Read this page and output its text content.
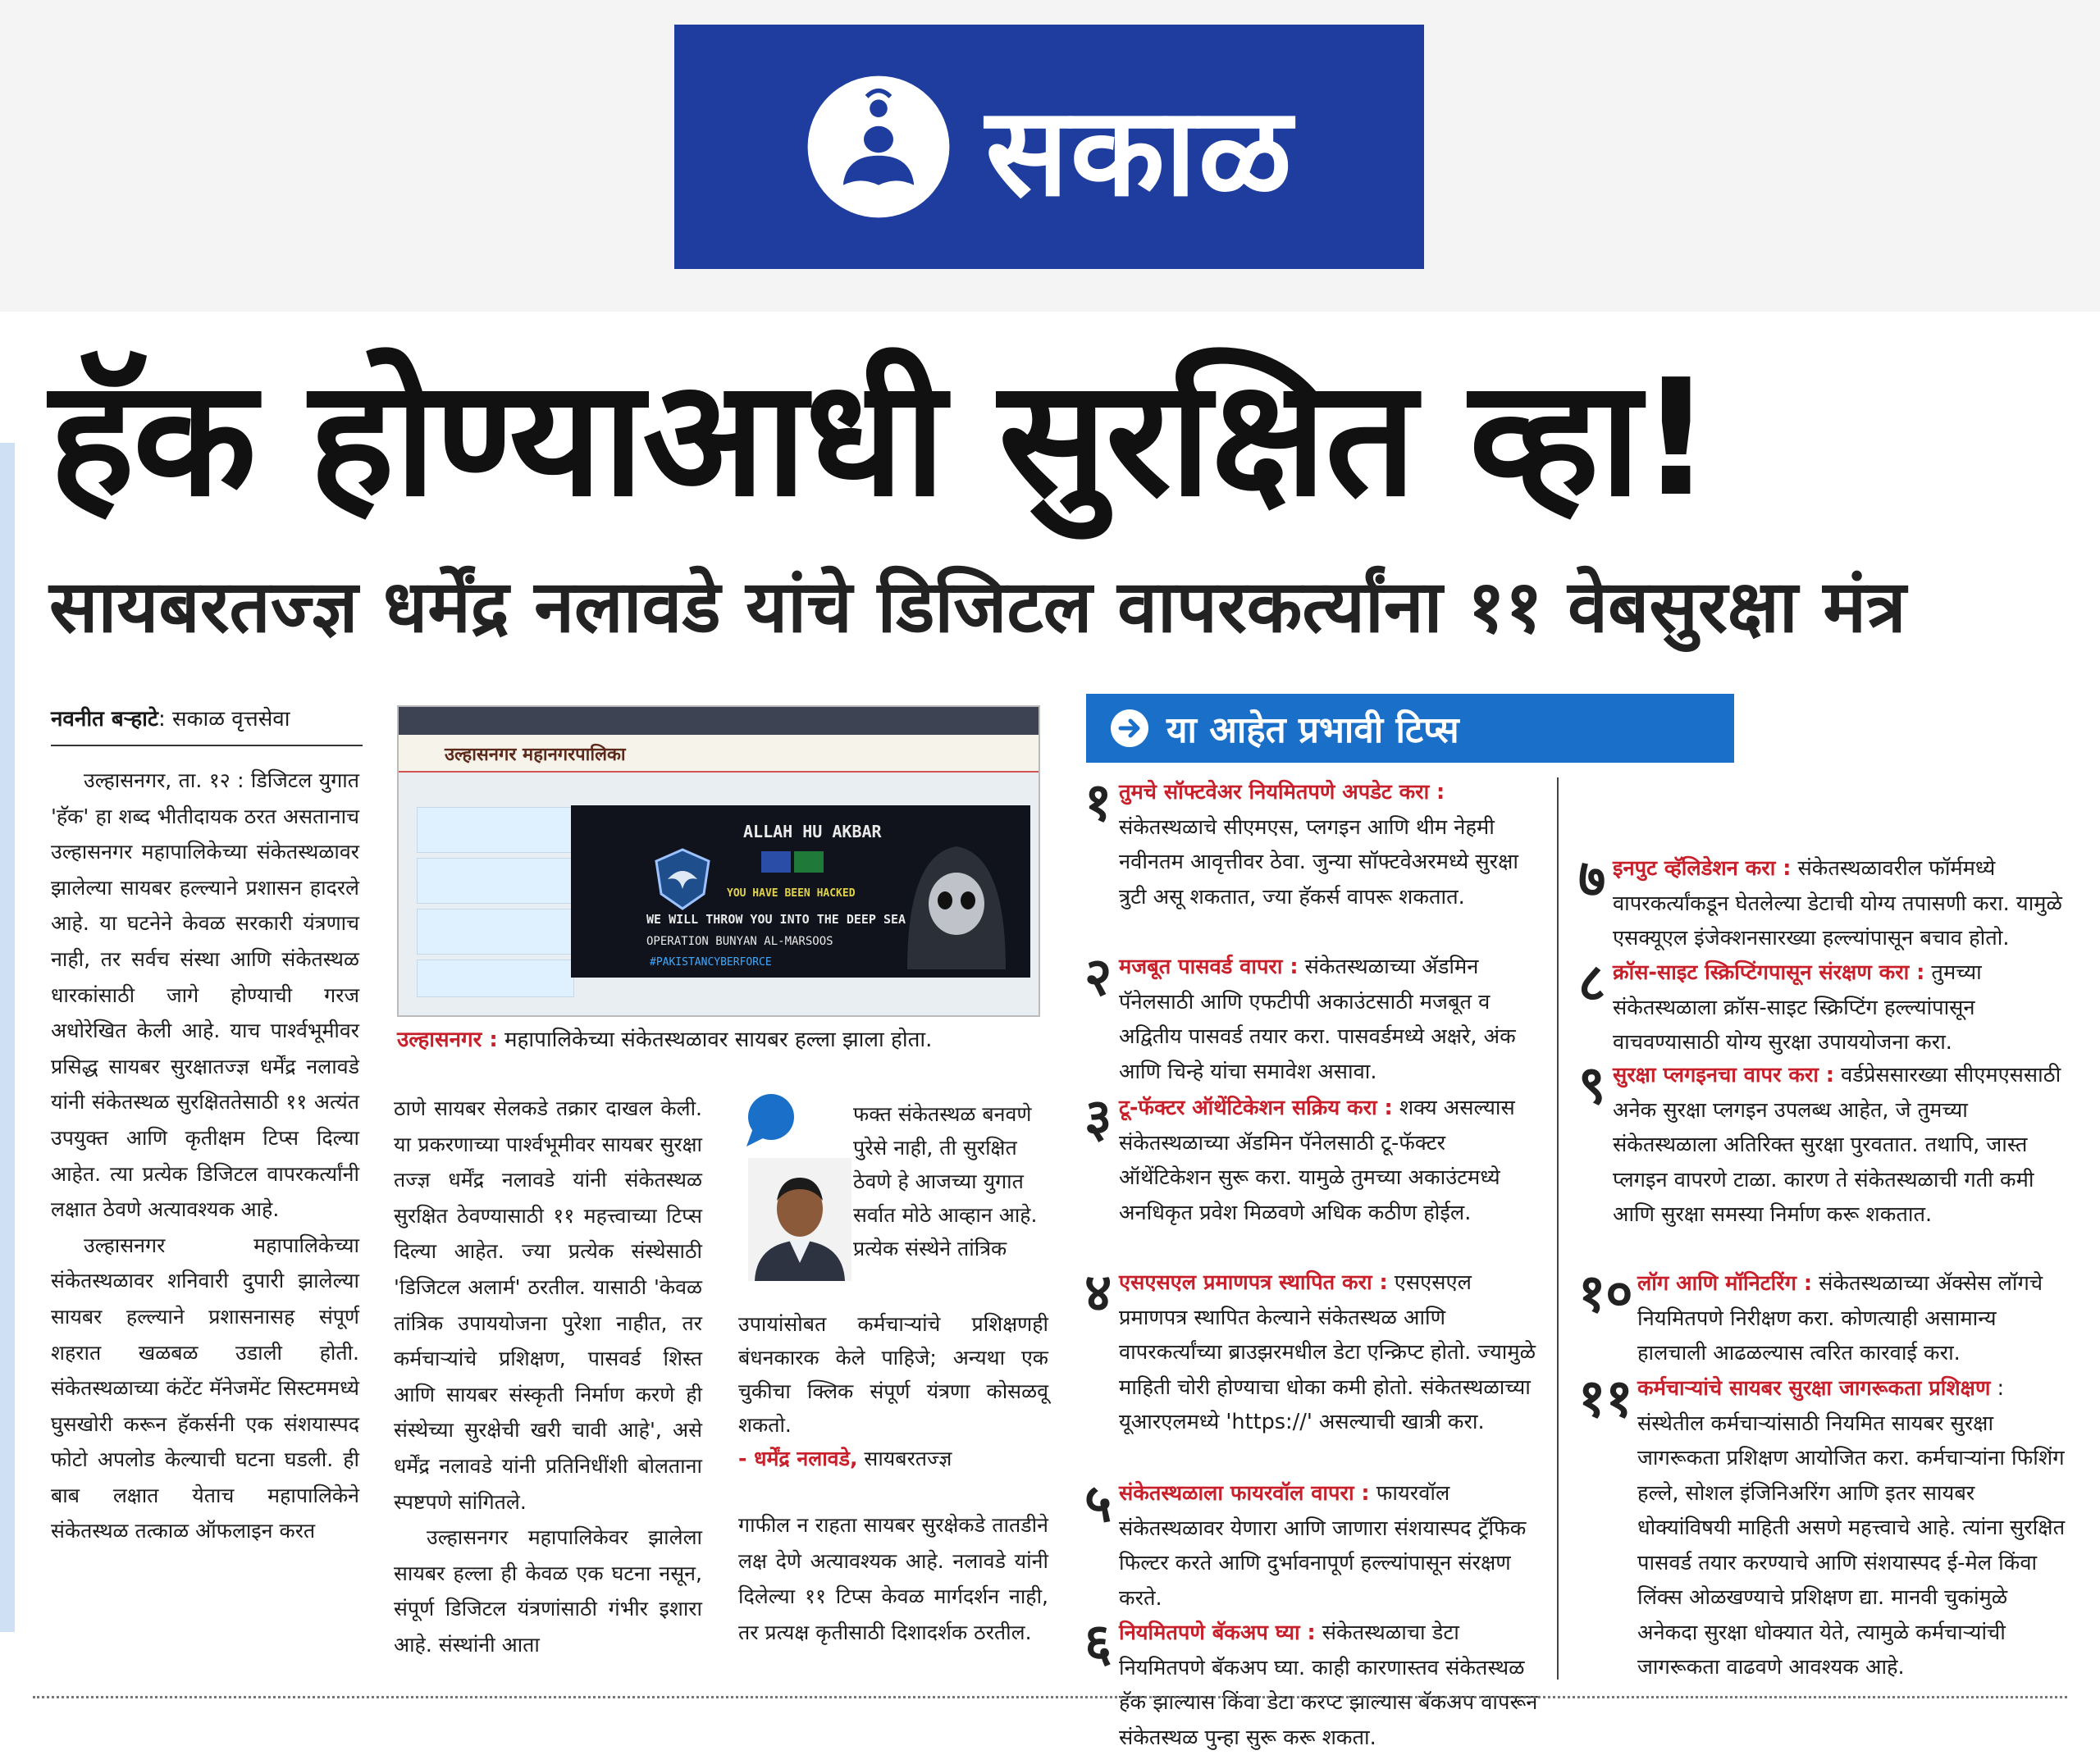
सकाळ
हॅक होण्याआधी सुरक्षित व्हा!
सायबरतज्ज्ञ धर्मेंद्र नलावडे यांचे डिजिटल वापरकर्त्यांना ११ वेबसुरक्षा मंत्र
नवनीत बऱ्हाटे: सकाळ वृत्तसेवा

उल्हासनगर, ता. १२ : डिजिटल युगात 'हॅक' हा शब्द भीतीदायक ठरत असतानाच उल्हासनगर महापालिकेच्या संकेतस्थळावर झालेल्या सायबर हल्ल्याने प्रशासन हादरले आहे. या घटनेने केवळ सरकारी यंत्रणाच नाही, तर सर्वच संस्था आणि संकेतस्थळ धारकांसाठी जागे होण्याची गरज अधोरेखित केली आहे. याच पार्श्वभूमीवर प्रसिद्ध सायबर सुरक्षातज्ज्ञ धर्मेंद्र नलावडे यांनी संकेतस्थळ सुरक्षिततेसाठी ११ अत्यंत उपयुक्त आणि कृतीक्षम टिप्स दिल्या आहेत. त्या प्रत्येक डिजिटल वापरकर्त्यांनी लक्षात ठेवणे अत्यावश्यक आहे.

उल्हासनगर महापालिकेच्या संकेतस्थळावर शनिवारी दुपारी झालेल्या सायबर हल्ल्याने प्रशासनासह संपूर्ण शहरात खळबळ उडाली होती. संकेतस्थळाच्या कंटेंट मॅनेजमेंट सिस्टममध्ये घुसखोरी करून हॅकर्सनी एक संशयास्पद फोटो अपलोड केल्याची घटना घडली. ही बाब लक्षात येताच महापालिकेने संकेतस्थळ तत्काळ ऑफलाइन करत

उल्हासनगर महानगरपालिका
ALLAH HU AKBAR
YOU HAVE BEEN HACKED
WE WILL THROW YOU INTO THE DEEP SEA
OPERATION BUNYAN AL-MARSOOS
#PAKISTANCYBERFORCE
उल्हासनगर : महापालिकेच्या संकेतस्थळावर सायबर हल्ला झाला होता.

ठाणे सायबर सेलकडे तक्रार दाखल केली. या प्रकरणाच्या पार्श्वभूमीवर सायबर सुरक्षा तज्ज्ञ धर्मेंद्र नलावडे यांनी संकेतस्थळ सुरक्षित ठेवण्यासाठी ११ महत्त्वाच्या टिप्स दिल्या आहेत. ज्या प्रत्येक संस्थेसाठी 'डिजिटल अलार्म' ठरतील. यासाठी 'केवळ तांत्रिक उपाययोजना पुरेशा नाहीत, तर कर्मचाऱ्यांचे प्रशिक्षण, पासवर्ड शिस्त आणि सायबर संस्कृती निर्माण करणे ही संस्थेच्या सुरक्षेची खरी चावी आहे', असे धर्मेंद्र नलावडे यांनी प्रतिनिधींशी बोलताना स्पष्टपणे सांगितले.

उल्हासनगर महापालिकेवर झालेला सायबर हल्ला ही केवळ एक घटना नसून, संपूर्ण डिजिटल यंत्रणांसाठी गंभीर इशारा आहे. संस्थांनी आता

फक्त संकेतस्थळ बनवणे पुरेसे नाही, ती सुरक्षित ठेवणे हे आजच्या युगात सर्वात मोठे आव्हान आहे. प्रत्येक संस्थेने तांत्रिक
उपायांसोबत कर्मचाऱ्यांचे प्रशिक्षणही बंधनकारक केले पाहिजे; अन्यथा एक चुकीचा क्लिक संपूर्ण यंत्रणा कोसळवू शकतो.
- धर्मेंद्र नलावडे, सायबरतज्ज्ञ

गाफील न राहता सायबर सुरक्षेकडे तातडीने लक्ष देणे अत्यावश्यक आहे. नलावडे यांनी दिलेल्या ११ टिप्स केवळ मार्गदर्शन नाही, तर प्रत्यक्ष कृतीसाठी दिशादर्शक ठरतील.

या आहेत प्रभावी टिप्स
१ तुमचे सॉफ्टवेअर नियमितपणे अपडेट करा : संकेतस्थळाचे सीएमएस, प्लगइन आणि थीम नेहमी नवीनतम आवृत्तीवर ठेवा. जुन्या सॉफ्टवेअरमध्ये सुरक्षा त्रुटी असू शकतात, ज्या हॅकर्स वापरू शकतात.
२ मजबूत पासवर्ड वापरा : संकेतस्थळाच्या ॲडमिन पॅनेलसाठी आणि एफटीपी अकाउंटसाठी मजबूत व अद्वितीय पासवर्ड तयार करा. पासवर्डमध्ये अक्षरे, अंक आणि चिन्हे यांचा समावेश असावा.
३ टू-फॅक्टर ऑथेंटिकेशन सक्रिय करा : शक्य असल्यास संकेतस्थळाच्या ॲडमिन पॅनेलसाठी टू-फॅक्टर ऑथेंटिकेशन सुरू करा. यामुळे तुमच्या अकाउंटमध्ये अनधिकृत प्रवेश मिळवणे अधिक कठीण होईल.
४ एसएसएल प्रमाणपत्र स्थापित करा : एसएसएल प्रमाणपत्र स्थापित केल्याने संकेतस्थळ आणि वापरकर्त्यांच्या ब्राउझरमधील डेटा एन्क्रिप्ट होतो. ज्यामुळे माहिती चोरी होण्याचा धोका कमी होतो. संकेतस्थळाच्या यूआरएलमध्ये 'https://' असल्याची खात्री करा.
५ संकेतस्थळाला फायरवॉल वापरा : फायरवॉल संकेतस्थळावर येणारा आणि जाणारा संशयास्पद ट्रॅफिक फिल्टर करते आणि दुर्भावनापूर्ण हल्ल्यांपासून संरक्षण करते.
६ नियमितपणे बॅकअप घ्या : संकेतस्थळाचा डेटा नियमितपणे बॅकअप घ्या. काही कारणास्तव संकेतस्थळ हॅक झाल्यास किंवा डेटा करप्ट झाल्यास बॅकअप वापरून संकेतस्थळ पुन्हा सुरू करू शकता.
७ इनपुट व्हॅलिडेशन करा : संकेतस्थळावरील फॉर्ममध्ये वापरकर्त्यांकडून घेतलेल्या डेटाची योग्य तपासणी करा. यामुळे एसक्यूएल इंजेक्शनसारख्या हल्ल्यांपासून बचाव होतो.
८ क्रॉस-साइट स्क्रिप्टिंगपासून संरक्षण करा : तुमच्या संकेतस्थळाला क्रॉस-साइट स्क्रिप्टिंग हल्ल्यांपासून वाचवण्यासाठी योग्य सुरक्षा उपाययोजना करा.
९ सुरक्षा प्लगइनचा वापर करा : वर्डप्रेससारख्या सीएमएससाठी अनेक सुरक्षा प्लगइन उपलब्ध आहेत, जे तुमच्या संकेतस्थळाला अतिरिक्त सुरक्षा पुरवतात. तथापि, जास्त प्लगइन वापरणे टाळा. कारण ते संकेतस्थळाची गती कमी आणि सुरक्षा समस्या निर्माण करू शकतात.
१० लॉग आणि मॉनिटरिंग : संकेतस्थळाच्या ॲक्सेस लॉगचे नियमितपणे निरीक्षण करा. कोणत्याही असामान्य हालचाली आढळल्यास त्वरित कारवाई करा.
११ कर्मचाऱ्यांचे सायबर सुरक्षा जागरूकता प्रशिक्षण : संस्थेतील कर्मचाऱ्यांसाठी नियमित सायबर सुरक्षा जागरूकता प्रशिक्षण आयोजित करा. कर्मचाऱ्यांना फिशिंग हल्ले, सोशल इंजिनिअरिंग आणि इतर सायबर धोक्यांविषयी माहिती असणे महत्त्वाचे आहे. त्यांना सुरक्षित पासवर्ड तयार करण्याचे आणि संशयास्पद ई-मेल किंवा लिंक्स ओळखण्याचे प्रशिक्षण द्या. मानवी चुकांमुळे अनेकदा सुरक्षा धोक्यात येते, त्यामुळे कर्मचाऱ्यांची जागरूकता वाढवणे आवश्यक आहे.
